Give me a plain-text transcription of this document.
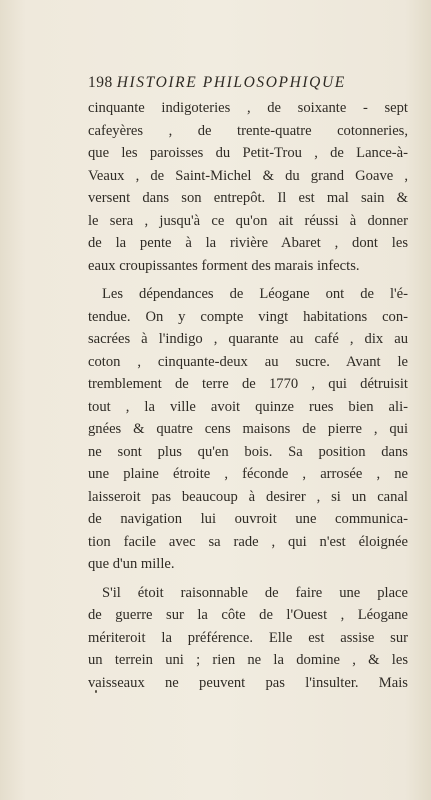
198 HISTOIRE PHILOSOPHIQUE
cinquante indigoteries , de soixante - sept
cafeyères , de trente-quatre cotonneries,
que les paroisses du Petit-Trou , de Lance-à-
Veaux , de Saint-Michel & du grand Goave ,
versent dans son entrepôt. Il est mal sain &
le sera , jusqu'à ce qu'on ait réussi à donner
de la pente à la rivière Abaret , dont les
eaux croupissantes forment des marais infects.
Les dépendances de Léogane ont de l'é-
tendue. On y compte vingt habitations con-
sacrées à l'indigo , quarante au café , dix au
coton , cinquante-deux au sucre. Avant le
tremblement de terre de 1770 , qui détruisit
tout , la ville avoit quinze rues bien ali-
gnées & quatre cens maisons de pierre , qui
ne sont plus qu'en bois. Sa position dans
une plaine étroite , féconde , arrosée , ne
laisseroit pas beaucoup à desirer , si un canal
de navigation lui ouvroit une communica-
tion facile avec sa rade , qui n'est éloignée
que d'un mille.
S'il étoit raisonnable de faire une place
de guerre sur la côte de l'Ouest , Léogane
mériteroit la préférence. Elle est assise sur
un terrein uni ; rien ne la domine , & les
vaisseaux ne peuvent pas l'insulter. Mais
